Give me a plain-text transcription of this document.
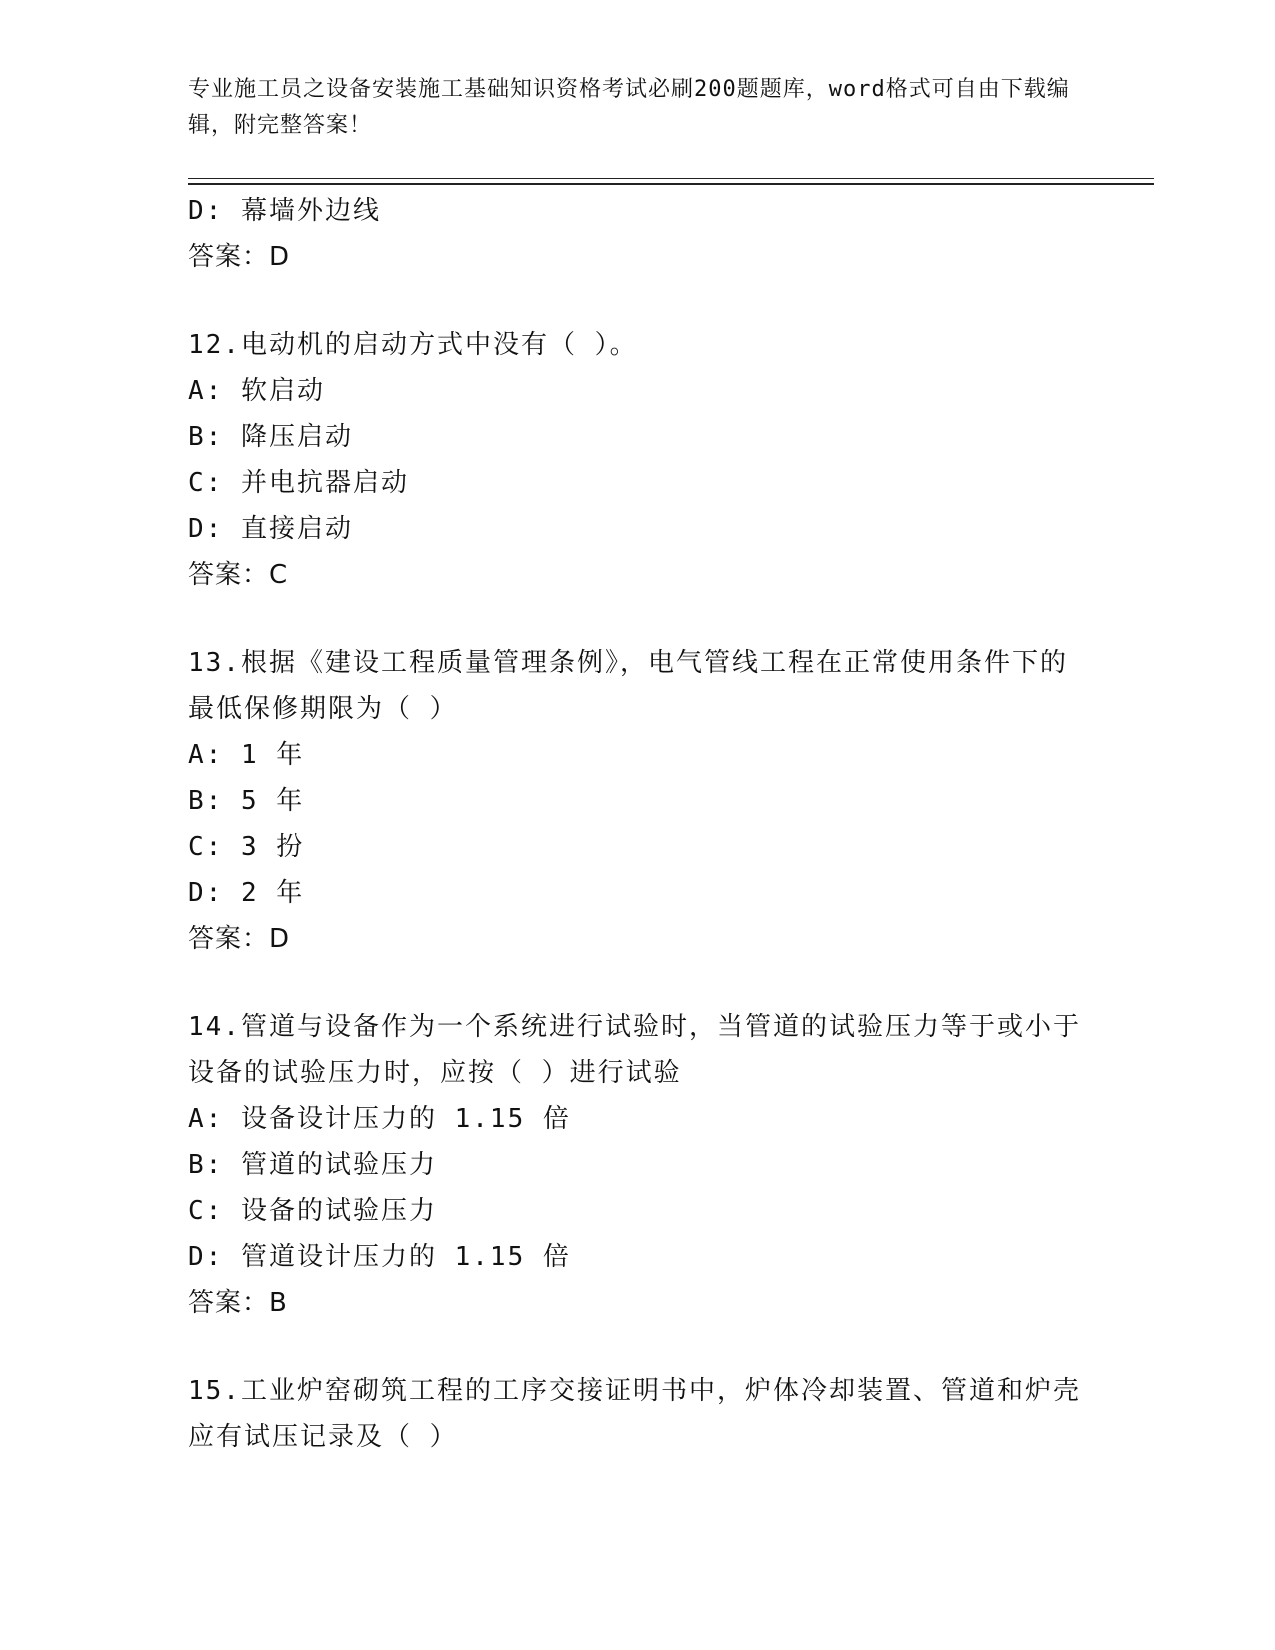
专业施工员之设备安装施工基础知识资格考试必刷200题题库，word格式可自由下载编辑，附完整答案！
D: 幕墙外边线
答案：D
12.电动机的启动方式中没有（ ）。
A: 软启动
B: 降压启动
C: 并电抗器启动
D: 直接启动
答案：C
13.根据《建设工程质量管理条例》，电气管线工程在正常使用条件下的最低保修期限为（ ）
A: 1 年
B: 5 年
C: 3 扮
D: 2 年
答案：D
14.管道与设备作为一个系统进行试验时，当管道的试验压力等于或小于设备的试验压力时，应按（ ）进行试验
A: 设备设计压力的 1.15 倍
B: 管道的试验压力
C: 设备的试验压力
D: 管道设计压力的 1.15 倍
答案：B
15.工业炉窑砌筑工程的工序交接证明书中，炉体冷却装置、管道和炉壳应有试压记录及（ ）
